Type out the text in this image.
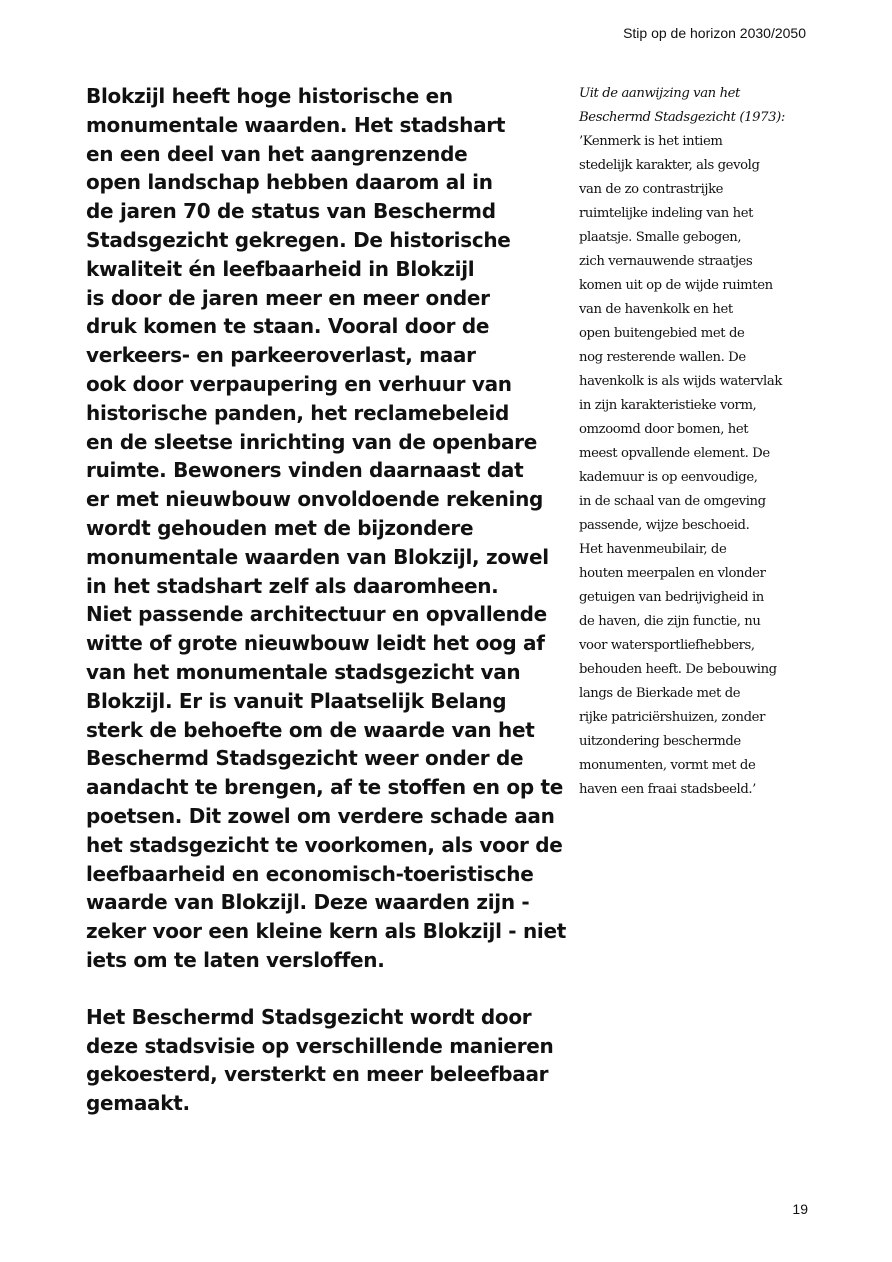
Stip op de horizon 2030/2050
Blokzijl heeft hoge historische en
monumentale waarden. Het stadshart
en een deel van het aangrenzende
open landschap hebben daarom al in
de jaren 70 de status van Beschermd
Stadsgezicht gekregen. De historische
kwaliteit én leefbaarheid in Blokzijl
is door de jaren meer en meer onder
druk komen te staan. Vooral door de
verkeers- en parkeeroverlast, maar
ook door verpaupering en verhuur van
historische panden, het reclamebeleid
en de sleetse inrichting van de openbare
ruimte. Bewoners vinden daarnaast dat
er met nieuwbouw onvoldoende rekening
wordt gehouden met de bijzondere
monumentale waarden van Blokzijl, zowel
in het stadshart zelf als daaromheen.
Niet passende architectuur en opvallende
witte of grote nieuwbouw leidt het oog af
van het monumentale stadsgezicht van
Blokzijl. Er is vanuit Plaatselijk Belang
sterk de behoefte om de waarde van het
Beschermd Stadsgezicht weer onder de
aandacht te brengen, af te stoffen en op te
poetsen. Dit zowel om verdere schade aan
het stadsgezicht te voorkomen, als voor de
leefbaarheid en economisch-toeristische
waarde van Blokzijl. Deze waarden zijn -
zeker voor een kleine kern als Blokzijl - niet
iets om te laten versloffen.
Het Beschermd Stadsgezicht wordt door
deze stadsvisie op verschillende manieren
gekoesterd, versterkt en meer beleefbaar
gemaakt.
Uit de aanwijzing van het
Beschermd Stadsgezicht (1973):
’Kenmerk is het intiem
stedelijk karakter, als gevolg
van de zo contrastrijke
ruimtelijke indeling van het
plaatsje. Smalle gebogen,
zich vernauwende straatjes
komen uit op de wijde ruimten
van de havenkolk en het
open buitengebied met de
nog resterende wallen. De
havenkolk is als wijds watervlak
in zijn karakteristieke vorm,
omzoomd door bomen, het
meest opvallende element. De
kademuur is op eenvoudige,
in de schaal van de omgeving
passende, wijze beschoeid.
Het havenmeubilair, de
houten meerpalen en vlonder
getuigen van bedrijvigheid in
de haven, die zijn functie, nu
voor watersportliefhebbers,
behouden heeft. De bebouwing
langs de Bierkade met de
rijke patriciërshuizen, zonder
uitzondering beschermde
monumenten, vormt met de
haven een fraai stadsbeeld.’
19
